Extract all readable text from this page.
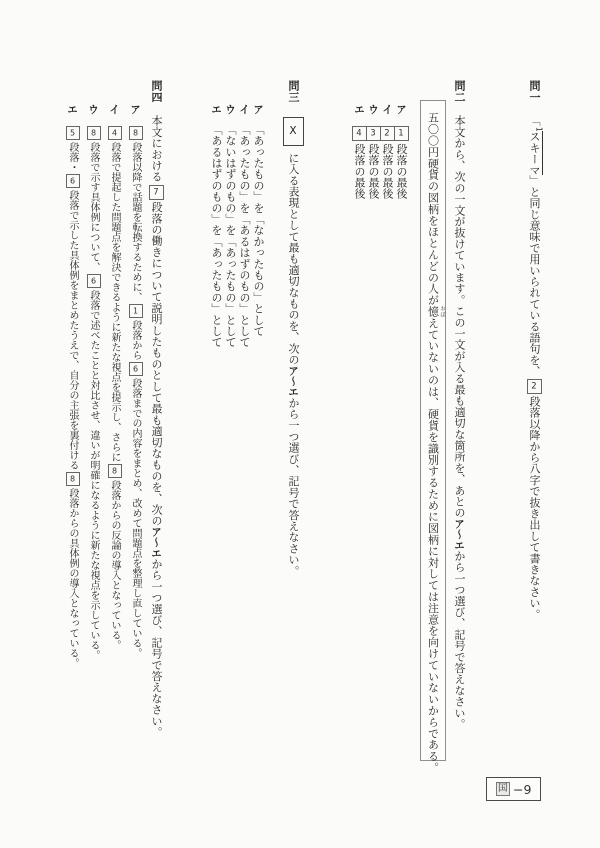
問一「1スキーマ」と同じ意味で用いられている語句を、2段落以降から八字で抜き出して書きなさい。
問二本文から、次の一文が抜けています。この一文が入る最も適切な箇所を、あとのア〜エから一つ選び、記号で答えなさい。
五〇〇円硬貨の図柄をほとんどの人が憶 おぼえていないのは、硬貨を識別するために図柄に対しては注意を向けていないからである。
ア1段落の最後
イ2段落の最後
ウ3段落の最後
エ4段落の最後
問三Xに入る表現として最も適切なものを、次のア〜エから一つ選び、記号で答えなさい。
ア「あったもの」を「なかったもの」として
イ「あったもの」を「あるはずのもの」として
ウ「ないはずのもの」を「あったもの」として
エ「あるはずのもの」を「あったもの」として
問四本文における7段落の働きについて説明したものとして最も適切なものを、次のア〜エから一つ選び、記号で答えなさい。
ア8段落以降で話題を転換するために、1段落から6段落までの内容をまとめ、改めて問題点を整理し直している。
イ4段落で提起した問題点を解決できるように新たな視点を提示し、さらに8段落からの反論の導入となっている。
ウ8段落で示す具体例について、6段落で述べたことと対比させ、違いが明確になるように新たな視点を示している。
エ5段落・6段落で示した具体例をまとめたうえで、自分の主張を裏付ける8段落からの具体例の導入となっている。
国 −9
